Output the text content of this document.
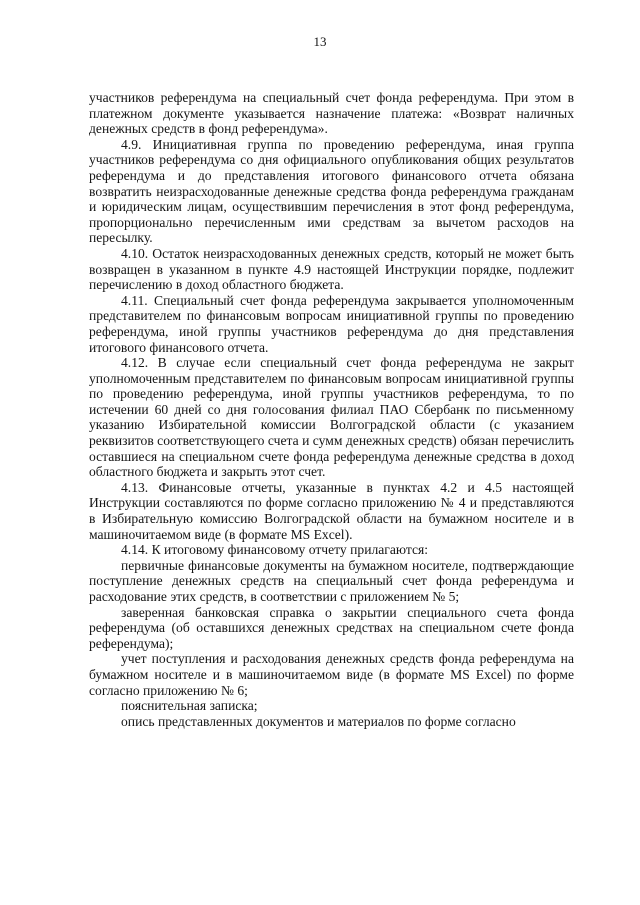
13

участников референдума на специальный счет фонда референдума. При этом в платежном документе указывается назначение платежа: «Возврат наличных денежных средств в фонд референдума».

4.9. Инициативная группа по проведению референдума, иная группа участников референдума со дня официального опубликования общих результатов референдума и до представления итогового финансового отчета обязана возвратить неизрасходованные денежные средства фонда референдума гражданам и юридическим лицам, осуществившим перечисления в этот фонд референдума, пропорционально перечисленным ими средствам за вычетом расходов на пересылку.

4.10. Остаток неизрасходованных денежных средств, который не может быть возвращен в указанном в пункте 4.9 настоящей Инструкции порядке, подлежит перечислению в доход областного бюджета.

4.11. Специальный счет фонда референдума закрывается уполномоченным представителем по финансовым вопросам инициативной группы по проведению референдума, иной группы участников референдума до дня представления итогового финансового отчета.

4.12. В случае если специальный счет фонда референдума не закрыт уполномоченным представителем по финансовым вопросам инициативной группы по проведению референдума, иной группы участников референдума, то по истечении 60 дней со дня голосования филиал ПАО Сбербанк по письменному указанию Избирательной комиссии Волгоградской области (с указанием реквизитов соответствующего счета и сумм денежных средств) обязан перечислить оставшиеся на специальном счете фонда референдума денежные средства в доход областного бюджета и закрыть этот счет.

4.13. Финансовые отчеты, указанные в пунктах 4.2 и 4.5 настоящей Инструкции составляются по форме согласно приложению № 4 и представляются в Избирательную комиссию Волгоградской области на бумажном носителе и в машиночитаемом виде (в формате MS Excel).

4.14. К итоговому финансовому отчету прилагаются:

первичные финансовые документы на бумажном носителе, подтверждающие поступление денежных средств на специальный счет фонда референдума и расходование этих средств, в соответствии с приложением № 5;

заверенная банковская справка о закрытии специального счета фонда референдума (об оставшихся денежных средствах на специальном счете фонда референдума);

учет поступления и расходования денежных средств фонда референдума на бумажном носителе и в машиночитаемом виде (в формате MS Excel) по форме согласно приложению № 6;

пояснительная записка;

опись представленных документов и материалов по форме согласно
